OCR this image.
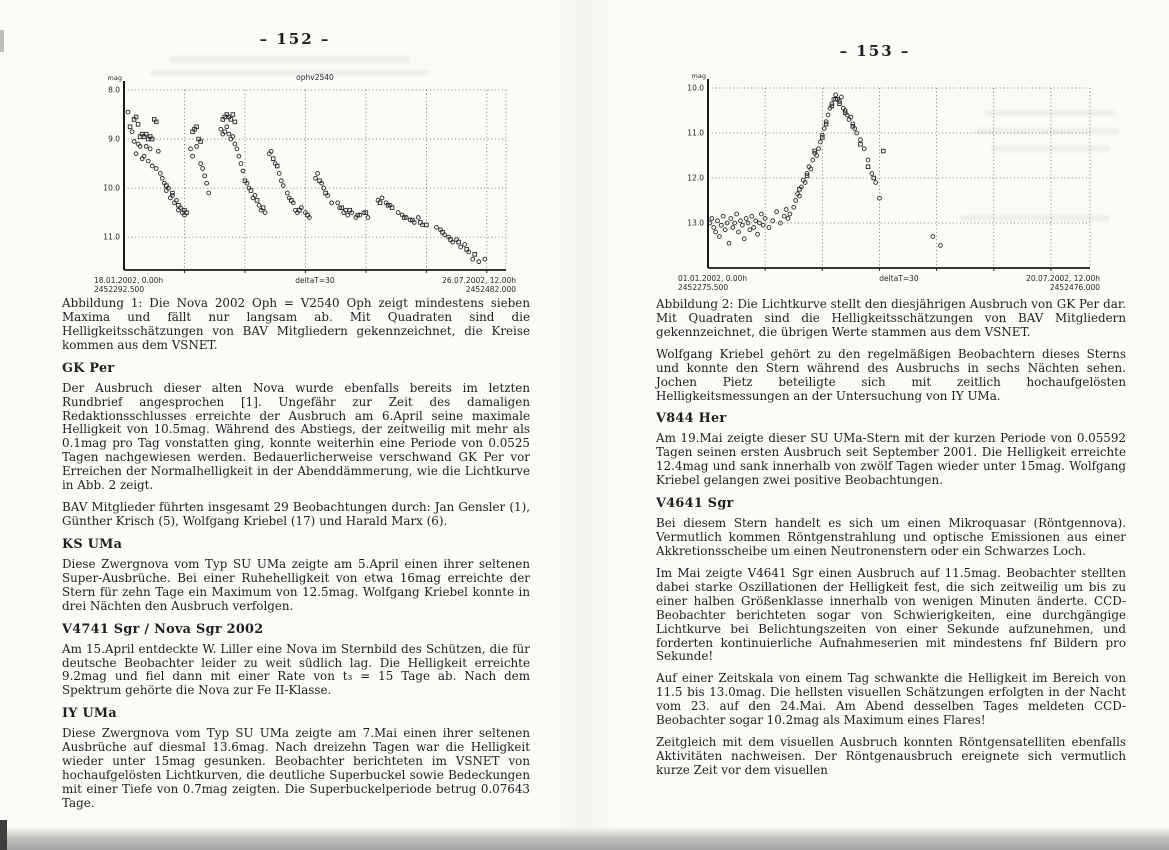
– 152 –
8.0
9.0
10.0
11.0
mag	ophv2540
18.01.2002, 0.00h
2452292.500
deltaT=30	26.07.2002, 12.00h
2452482.000

Abbildung 1: Die Nova 2002 Oph = V2540 Oph zeigt mindestens sieben Maxima und fällt nur langsam ab. Mit Quadraten sind die Helligkeitsschätzungen von BAV Mitgliedern gekennzeichnet, die Kreise kommen aus dem VSNET.

GK Per

Der Ausbruch dieser alten Nova wurde ebenfalls bereits im letzten Rundbrief angesprochen [1]. Ungefähr zur Zeit des damaligen Redaktionsschlusses erreichte der Ausbruch am 6.April seine maximale Helligkeit von 10.5mag. Während des Abstiegs, der zeitweilig mit mehr als 0.1mag pro Tag vonstatten ging, konnte weiterhin eine Periode von 0.0525 Tagen nachgewiesen werden. Bedauerlicherweise verschwand GK Per vor Erreichen der Normalhelligkeit in der Abenddämmerung, wie die Lichtkurve in Abb. 2 zeigt.

BAV Mitglieder führten insgesamt 29 Beobachtungen durch: Jan Gensler (1), Günther Krisch (5), Wolfgang Kriebel (17) und Harald Marx (6).

KS UMa

Diese Zwergnova vom Typ SU UMa zeigte am 5.April einen ihrer seltenen Super-Ausbrüche. Bei einer Ruhehelligkeit von etwa 16mag erreichte der Stern für zehn Tage ein Maximum von 12.5mag. Wolfgang Kriebel konnte in drei Nächten den Ausbruch verfolgen.

V4741 Sgr / Nova Sgr 2002

Am 15.April entdeckte W. Liller eine Nova im Sternbild des Schützen, die für deutsche Beobachter leider zu weit südlich lag. Die Helligkeit erreichte 9.2mag und fiel dann mit einer Rate von t₃ = 15 Tage ab. Nach dem Spektrum gehörte die Nova zur Fe II-Klasse.

IY UMa

Diese Zwergnova vom Typ SU UMa zeigte am 7.Mai einen ihrer seltenen Ausbrüche auf diesmal 13.6mag. Nach dreizehn Tagen war die Helligkeit wieder unter 15mag gesunken. Beobachter berichteten im VSNET von hochaufgelösten Lichtkurven, die deutliche Superbuckel sowie Bedeckungen mit einer Tiefe von 0.7mag zeigten. Die Superbuckelperiode betrug 0.07643 Tage.

– 153 –
10.0
11.0
12.0
13.0
mag
01.01.2002, 0.00h
2452275.500
deltaT=30	20.07.2002, 12.00h
2452476.000

Abbildung 2: Die Lichtkurve stellt den diesjährigen Ausbruch von GK Per dar. Mit Quadraten sind die Helligkeitsschätzungen von BAV Mitgliedern gekennzeichnet, die übrigen Werte stammen aus dem VSNET.

Wolfgang Kriebel gehört zu den regelmäßigen Beobachtern dieses Sterns und konnte den Stern während des Ausbruchs in sechs Nächten sehen. Jochen Pietz beteiligte sich mit zeitlich hochaufgelösten Helligkeitsmessungen an der Untersuchung von IY UMa.

V844 Her

Am 19.Mai zeigte dieser SU UMa-Stern mit der kurzen Periode von 0.05592 Tagen seinen ersten Ausbruch seit September 2001. Die Helligkeit erreichte 12.4mag und sank innerhalb von zwölf Tagen wieder unter 15mag. Wolfgang Kriebel gelangen zwei positive Beobachtungen.

V4641 Sgr

Bei diesem Stern handelt es sich um einen Mikroquasar (Röntgennova). Vermutlich kommen Röntgenstrahlung und optische Emissionen aus einer Akkretionsscheibe um einen Neutronenstern oder ein Schwarzes Loch.

Im Mai zeigte V4641 Sgr einen Ausbruch auf 11.5mag. Beobachter stellten dabei starke Oszillationen der Helligkeit fest, die sich zeitweilig um bis zu einer halben Größenklasse innerhalb von wenigen Minuten änderte. CCD-Beobachter berichteten sogar von Schwierigkeiten, eine durchgängige Lichtkurve bei Belichtungszeiten von einer Sekunde aufzunehmen, und forderten kontinuierliche Aufnahmeserien mit mindestens fnf Bildern pro Sekunde!

Auf einer Zeitskala von einem Tag schwankte die Helligkeit im Bereich von 11.5 bis 13.0mag. Die hellsten visuellen Schätzungen erfolgten in der Nacht vom 23. auf den 24.Mai. Am Abend desselben Tages meldeten CCD-Beobachter sogar 10.2mag als Maximum eines Flares!

Zeitgleich mit dem visuellen Ausbruch konnten Röntgensatelliten ebenfalls Aktivitäten nachweisen. Der Röntgenausbruch ereignete sich vermutlich kurze Zeit vor dem visuellen
